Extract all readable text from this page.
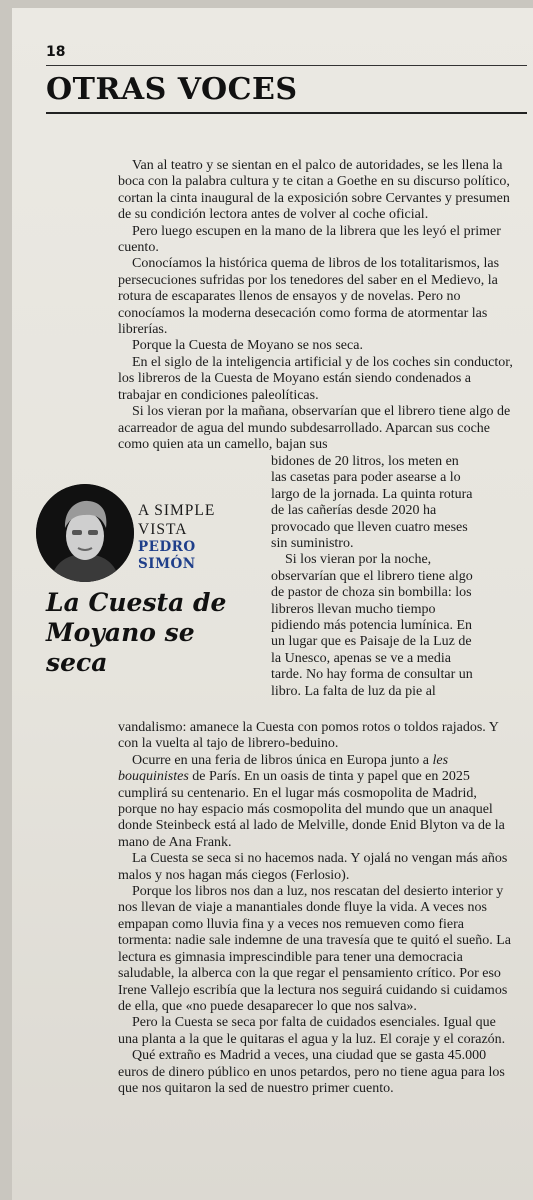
18
OTRAS VOCES

Van al teatro y se sientan en el palco de autoridades, se les llena la boca con la palabra cultura y te citan a Goethe en su discurso político, cortan la cinta inaugural de la exposición sobre Cervantes y presumen de su condición lectora antes de volver al coche oficial.

Pero luego escupen en la mano de la librera que les leyó el primer cuento.

Conocíamos la histórica quema de libros de los totalitarismos, las persecuciones sufridas por los tenedores del saber en el Medievo, la rotura de escaparates llenos de ensayos y de novelas. Pero no conocíamos la moderna desecación como forma de atormentar las librerías.

Porque la Cuesta de Moyano se nos seca.

En el siglo de la inteligencia artificial y de los coches sin conductor, los libreros de la Cuesta de Moyano están siendo condenados a trabajar en condiciones paleolíticas.

Si los vieran por la mañana, observarían que el librero tiene algo de acarreador de agua del mundo subdesarrollado. Aparcan sus coche como quien ata un camello, bajan sus

bidones de 20 litros, los meten en las casetas para poder asearse a lo largo de la jornada. La quinta rotura de las cañerías desde 2020 ha provocado que lleven cuatro meses sin suministro.

Si los vieran por la noche, observarían que el librero tiene algo de pastor de choza sin bombilla: los libreros llevan mucho tiempo pidiendo más potencia lumínica. En un lugar que es Paisaje de la Luz de la Unesco, apenas se ve a media tarde. No hay forma de consultar un libro. La falta de luz da pie al

A SIMPLE VISTA
PEDRO SIMÓN
La Cuesta de Moyano se seca

vandalismo: amanece la Cuesta con pomos rotos o toldos rajados. Y con la vuelta al tajo de librero-beduino.

Ocurre en una feria de libros única en Europa junto a les bouquinistes de París. En un oasis de tinta y papel que en 2025 cumplirá su centenario. En el lugar más cosmopolita de Madrid, porque no hay espacio más cosmopolita del mundo que un anaquel donde Steinbeck está al lado de Melville, donde Enid Blyton va de la mano de Ana Frank.

La Cuesta se seca si no hacemos nada. Y ojalá no vengan más años malos y nos hagan más ciegos (Ferlosio).

Porque los libros nos dan a luz, nos rescatan del desierto interior y nos llevan de viaje a manantiales donde fluye la vida. A veces nos empapan como lluvia fina y a veces nos remueven como fiera tormenta: nadie sale indemne de una travesía que te quitó el sueño. La lectura es gimnasia imprescindible para tener una democracia saludable, la alberca con la que regar el pensamiento crítico. Por eso Irene Vallejo escribía que la lectura nos seguirá cuidando si cuidamos de ella, que «no puede desaparecer lo que nos salva».

Pero la Cuesta se seca por falta de cuidados esenciales. Igual que una planta a la que le quitaras el agua y la luz. El coraje y el corazón.

Qué extraño es Madrid a veces, una ciudad que se gasta 45.000 euros de dinero público en unos petardos, pero no tiene agua para los que nos quitaron la sed de nuestro primer cuento.
